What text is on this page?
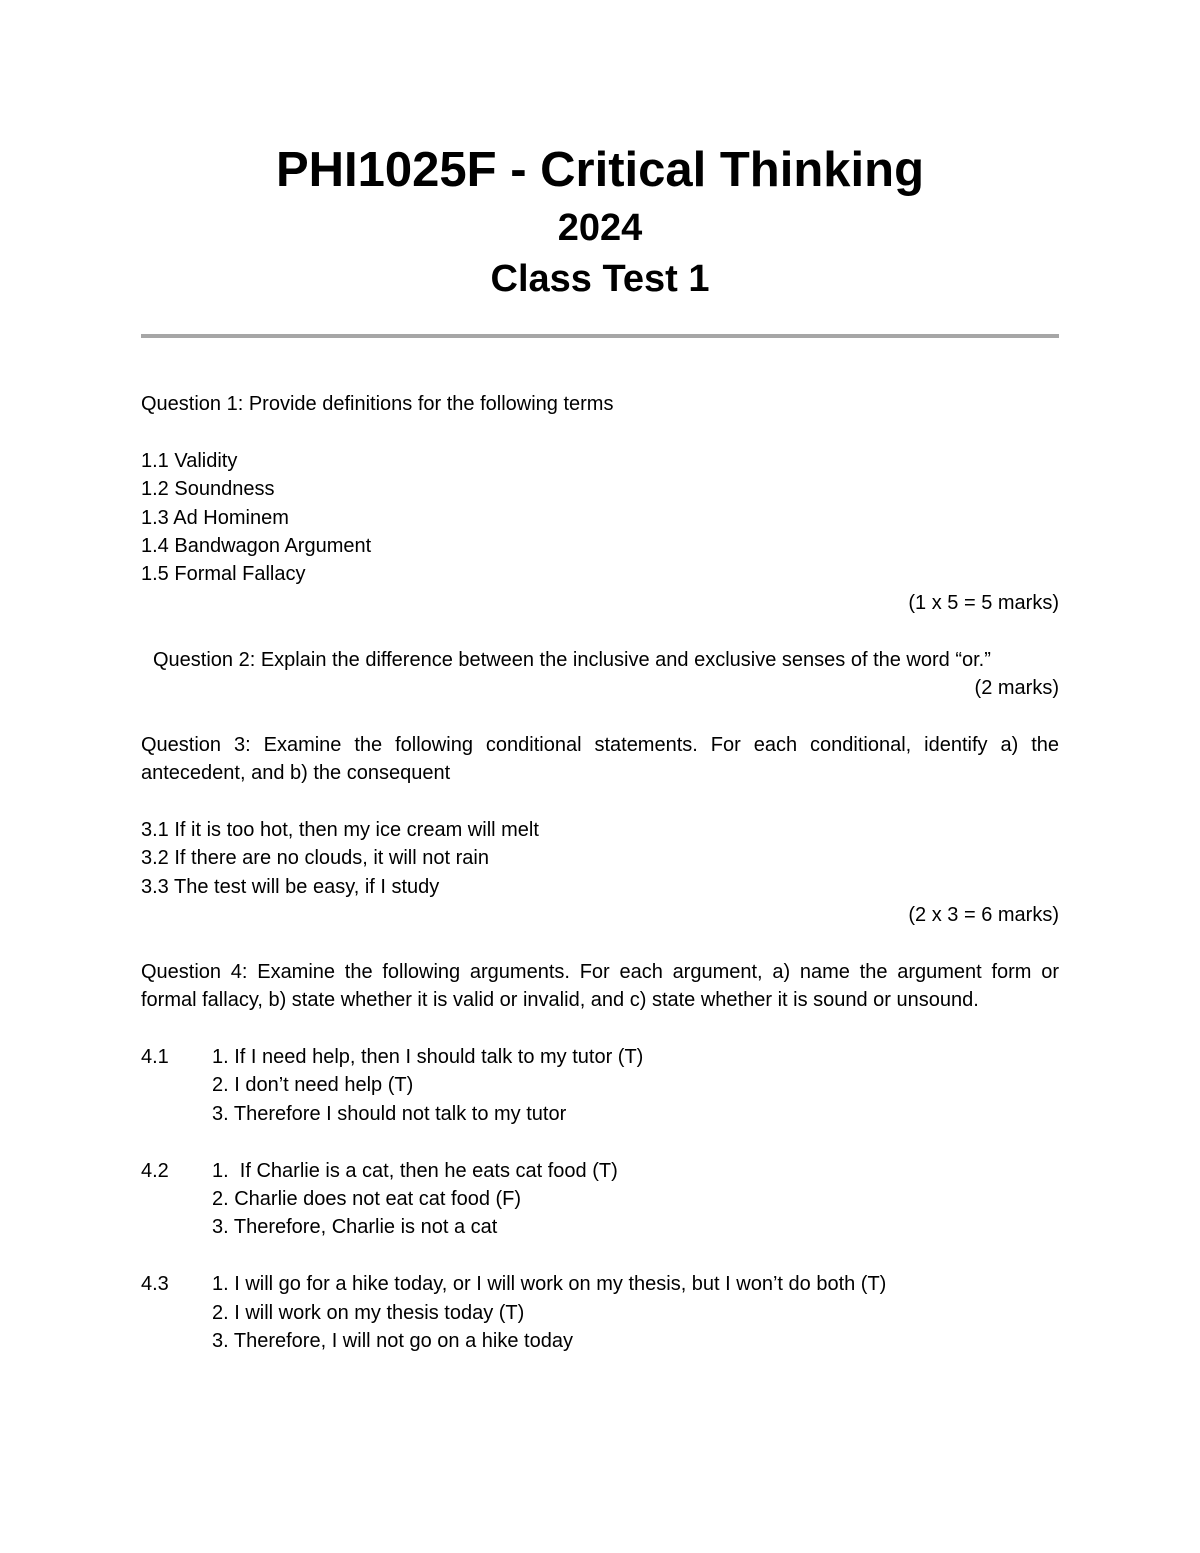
PHI1025F - Critical Thinking
2024
Class Test 1
Question 1: Provide definitions for the following terms
1.1 Validity
1.2 Soundness
1.3 Ad Hominem
1.4 Bandwagon Argument
1.5 Formal Fallacy
(1 x 5 = 5 marks)
Question 2: Explain the difference between the inclusive and exclusive senses of the word “or.”
(2 marks)
Question 3: Examine the following conditional statements. For each conditional, identify a) the antecedent, and b) the consequent
3.1 If it is too hot, then my ice cream will melt
3.2 If there are no clouds, it will not rain
3.3 The test will be easy, if I study
(2 x 3 = 6 marks)
Question 4: Examine the following arguments. For each argument, a) name the argument form or formal fallacy, b) state whether it is valid or invalid, and c) state whether it is sound or unsound.
4.1	1. If I need help, then I should talk to my tutor (T)
2. I don’t need help (T)
3. Therefore I should not talk to my tutor
4.2	1.  If Charlie is a cat, then he eats cat food (T)
2. Charlie does not eat cat food (F)
3. Therefore, Charlie is not a cat
4.3	1. I will go for a hike today, or I will work on my thesis, but I won’t do both (T)
2. I will work on my thesis today (T)
3. Therefore, I will not go on a hike today
